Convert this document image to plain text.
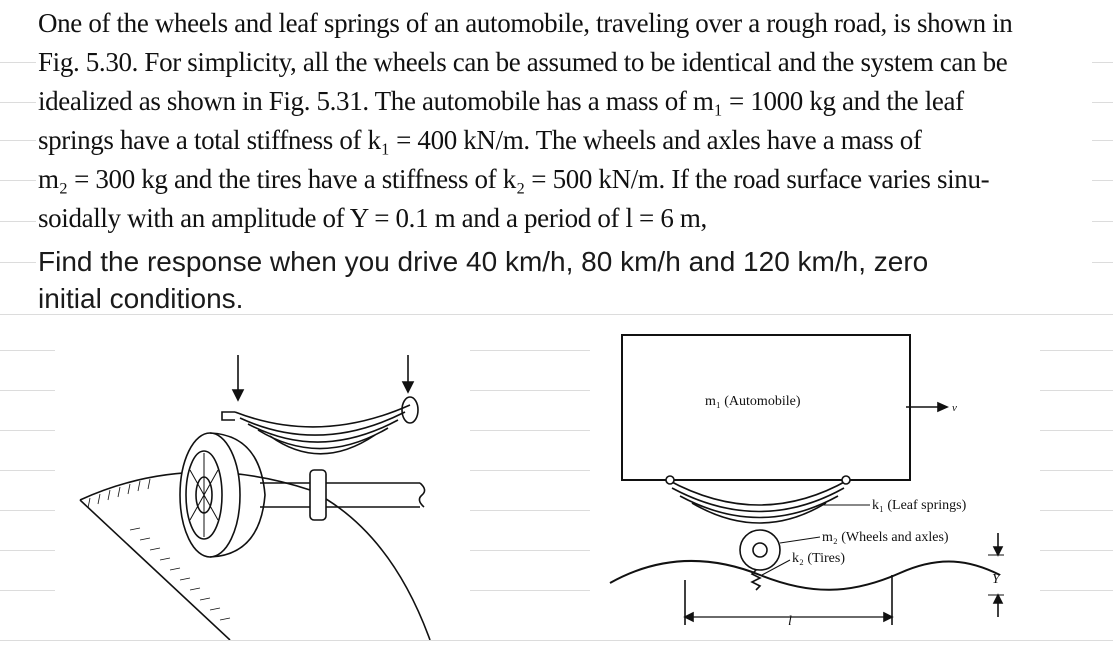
One of the wheels and leaf springs of an automobile, traveling over a rough road, is shown in
Fig. 5.30. For simplicity, all the wheels can be assumed to be identical and the system can be
idealized as shown in Fig. 5.31. The automobile has a mass of m₁ = 1000 kg and the leaf
springs have a total stiffness of k₁ = 400 kN/m. The wheels and axles have a mass of
m₂ = 300 kg and the tires have a stiffness of k₂ = 500 kN/m. If the road surface varies sinu-
soidally with an amplitude of Y = 0.1 m and a period of l = 6 m,
Find the response when you drive 40 km/h, 80 km/h and 120 km/h, zero
initial conditions.
m₁ (Automobile)	v
k₁ (Leaf springs)
m₂ (Wheels and axles)
k₂ (Tires)
Y
l
